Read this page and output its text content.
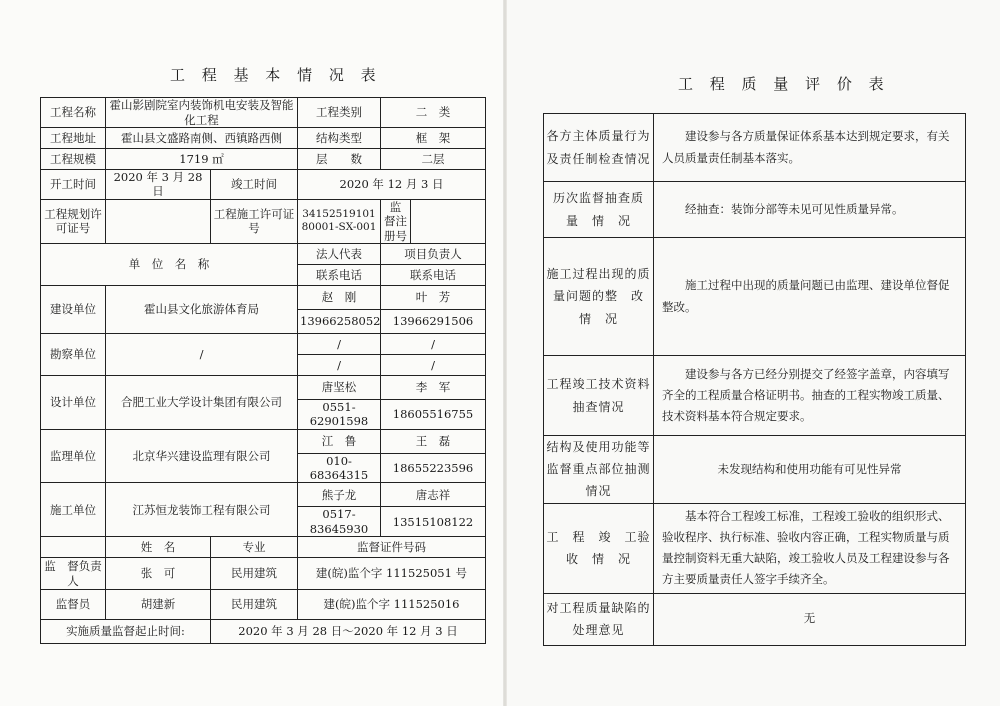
工 程 基 本 情 况 表	工 程 质 量 评 价 表
工程名称	霍山影剧院室内装饰机电安装及智能化工程		工程类别	二　类	
工程地址	霍山县文盛路南侧、西镇路西侧		结构类型	框　架	
工程规模	1719 ㎡		层　　数	二层	
开工时间	2020 年 3 月 28 日	竣工时间	2020 年 12 月 3 日		
工程规划许可证号		工程施工许可证号	341525191018000​1-SX-001	监　督注册号	
单　位　名　称			法人代表	项目负责人	
			联系电话	联系电话	
建设单位	霍山县文化旅游体育局		赵　刚	叶　芳	
			13966258052	13966291506	
勘察单位	/		/	/	
			/	/	
设计单位	合肥工业大学设计集团有限公司		唐坚松	李　军	
			0551-62901598	18605516755	
监理单位	北京华兴建设监理有限公司		江　鲁	王　磊	
			010-68364315	18655223596	
施工单位	江苏恒龙装饰工程有限公司		熊子龙	唐志祥	
			0517-83645930	13515108122	
	姓　名	专业	监督证件号码		
监　督负责人	张　可	民用建筑	建(皖)监个字 111525051 号		
监督员	胡建新	民用建筑	建(皖)监个字 111525016		
实施质量监督起止时间:		2020 年 3 月 28 日～2020 年 12 月 3 日			
各方主体质量行为及责任制检查情况	建设参与各方质量保证体系基本达到规定要求，有关人员质量责任制基本落实。
历次监督抽查质　量　情　况	经抽查：装饰分部等未见可见性质量异常。
施工过程出现的质量问题的整　改　情　况	施工过程中出现的质量问题已由监理、建设单位督促整改。
工程竣工技术资料抽查情况	建设参与各方已经分别提交了经签字盖章，内容填写齐全的工程质量合格证明书。抽查的工程实物竣工质量、技术资料基本符合规定要求。
结构及使用功能等监督重点部位抽测情况	未发现结构和使用功能有可见性异常
工　程　竣　工验　收　情　况	基本符合工程竣工标准，工程竣工验收的组织形式、验收程序、执行标准、验收内容正确，工程实物质量与质量控制资料无重大缺陷，竣工验收人员及工程建设参与各方主要质量责任人签字手续齐全。
对工程质量缺陷的处理意见	无
